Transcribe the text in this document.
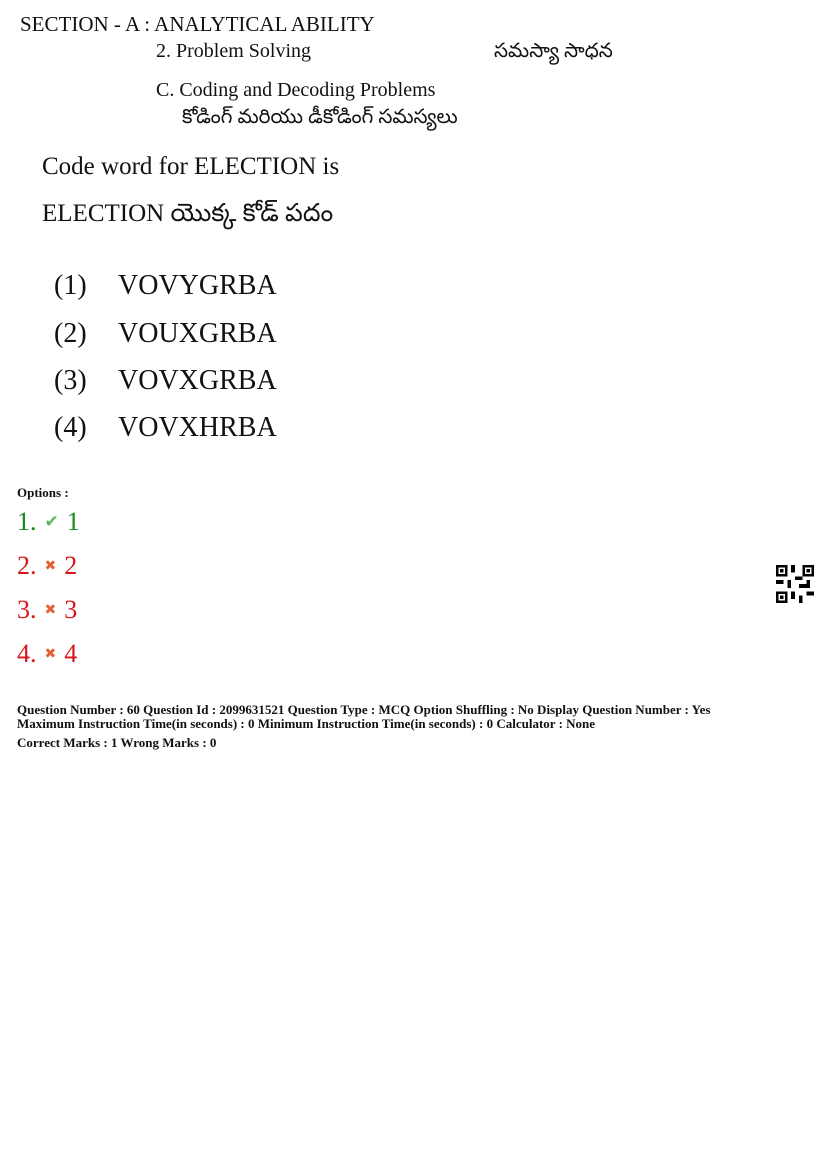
SECTION - A : ANALYTICAL ABILITY
2. Problem Solving	సమస్యా సాధన
C. Coding and Decoding Problems
కోడింగ్ మరియు డీకోడింగ్ సమస్యలు
Code word for ELECTION is
ELECTION యొక్క కోడ్ పదం
(1) VOVYGRBA
(2) VOUXGRBA
(3) VOVXGRBA
(4) VOVXHRBA
Options :
1. ✔ 1
2. ✖ 2
3. ✖ 3
4. ✖ 4
Question Number : 60 Question Id : 2099631521 Question Type : MCQ Option Shuffling : No Display Question Number : Yes
Maximum Instruction Time(in seconds) : 0 Minimum Instruction Time(in seconds) : 0 Calculator : None
Correct Marks : 1 Wrong Marks : 0
